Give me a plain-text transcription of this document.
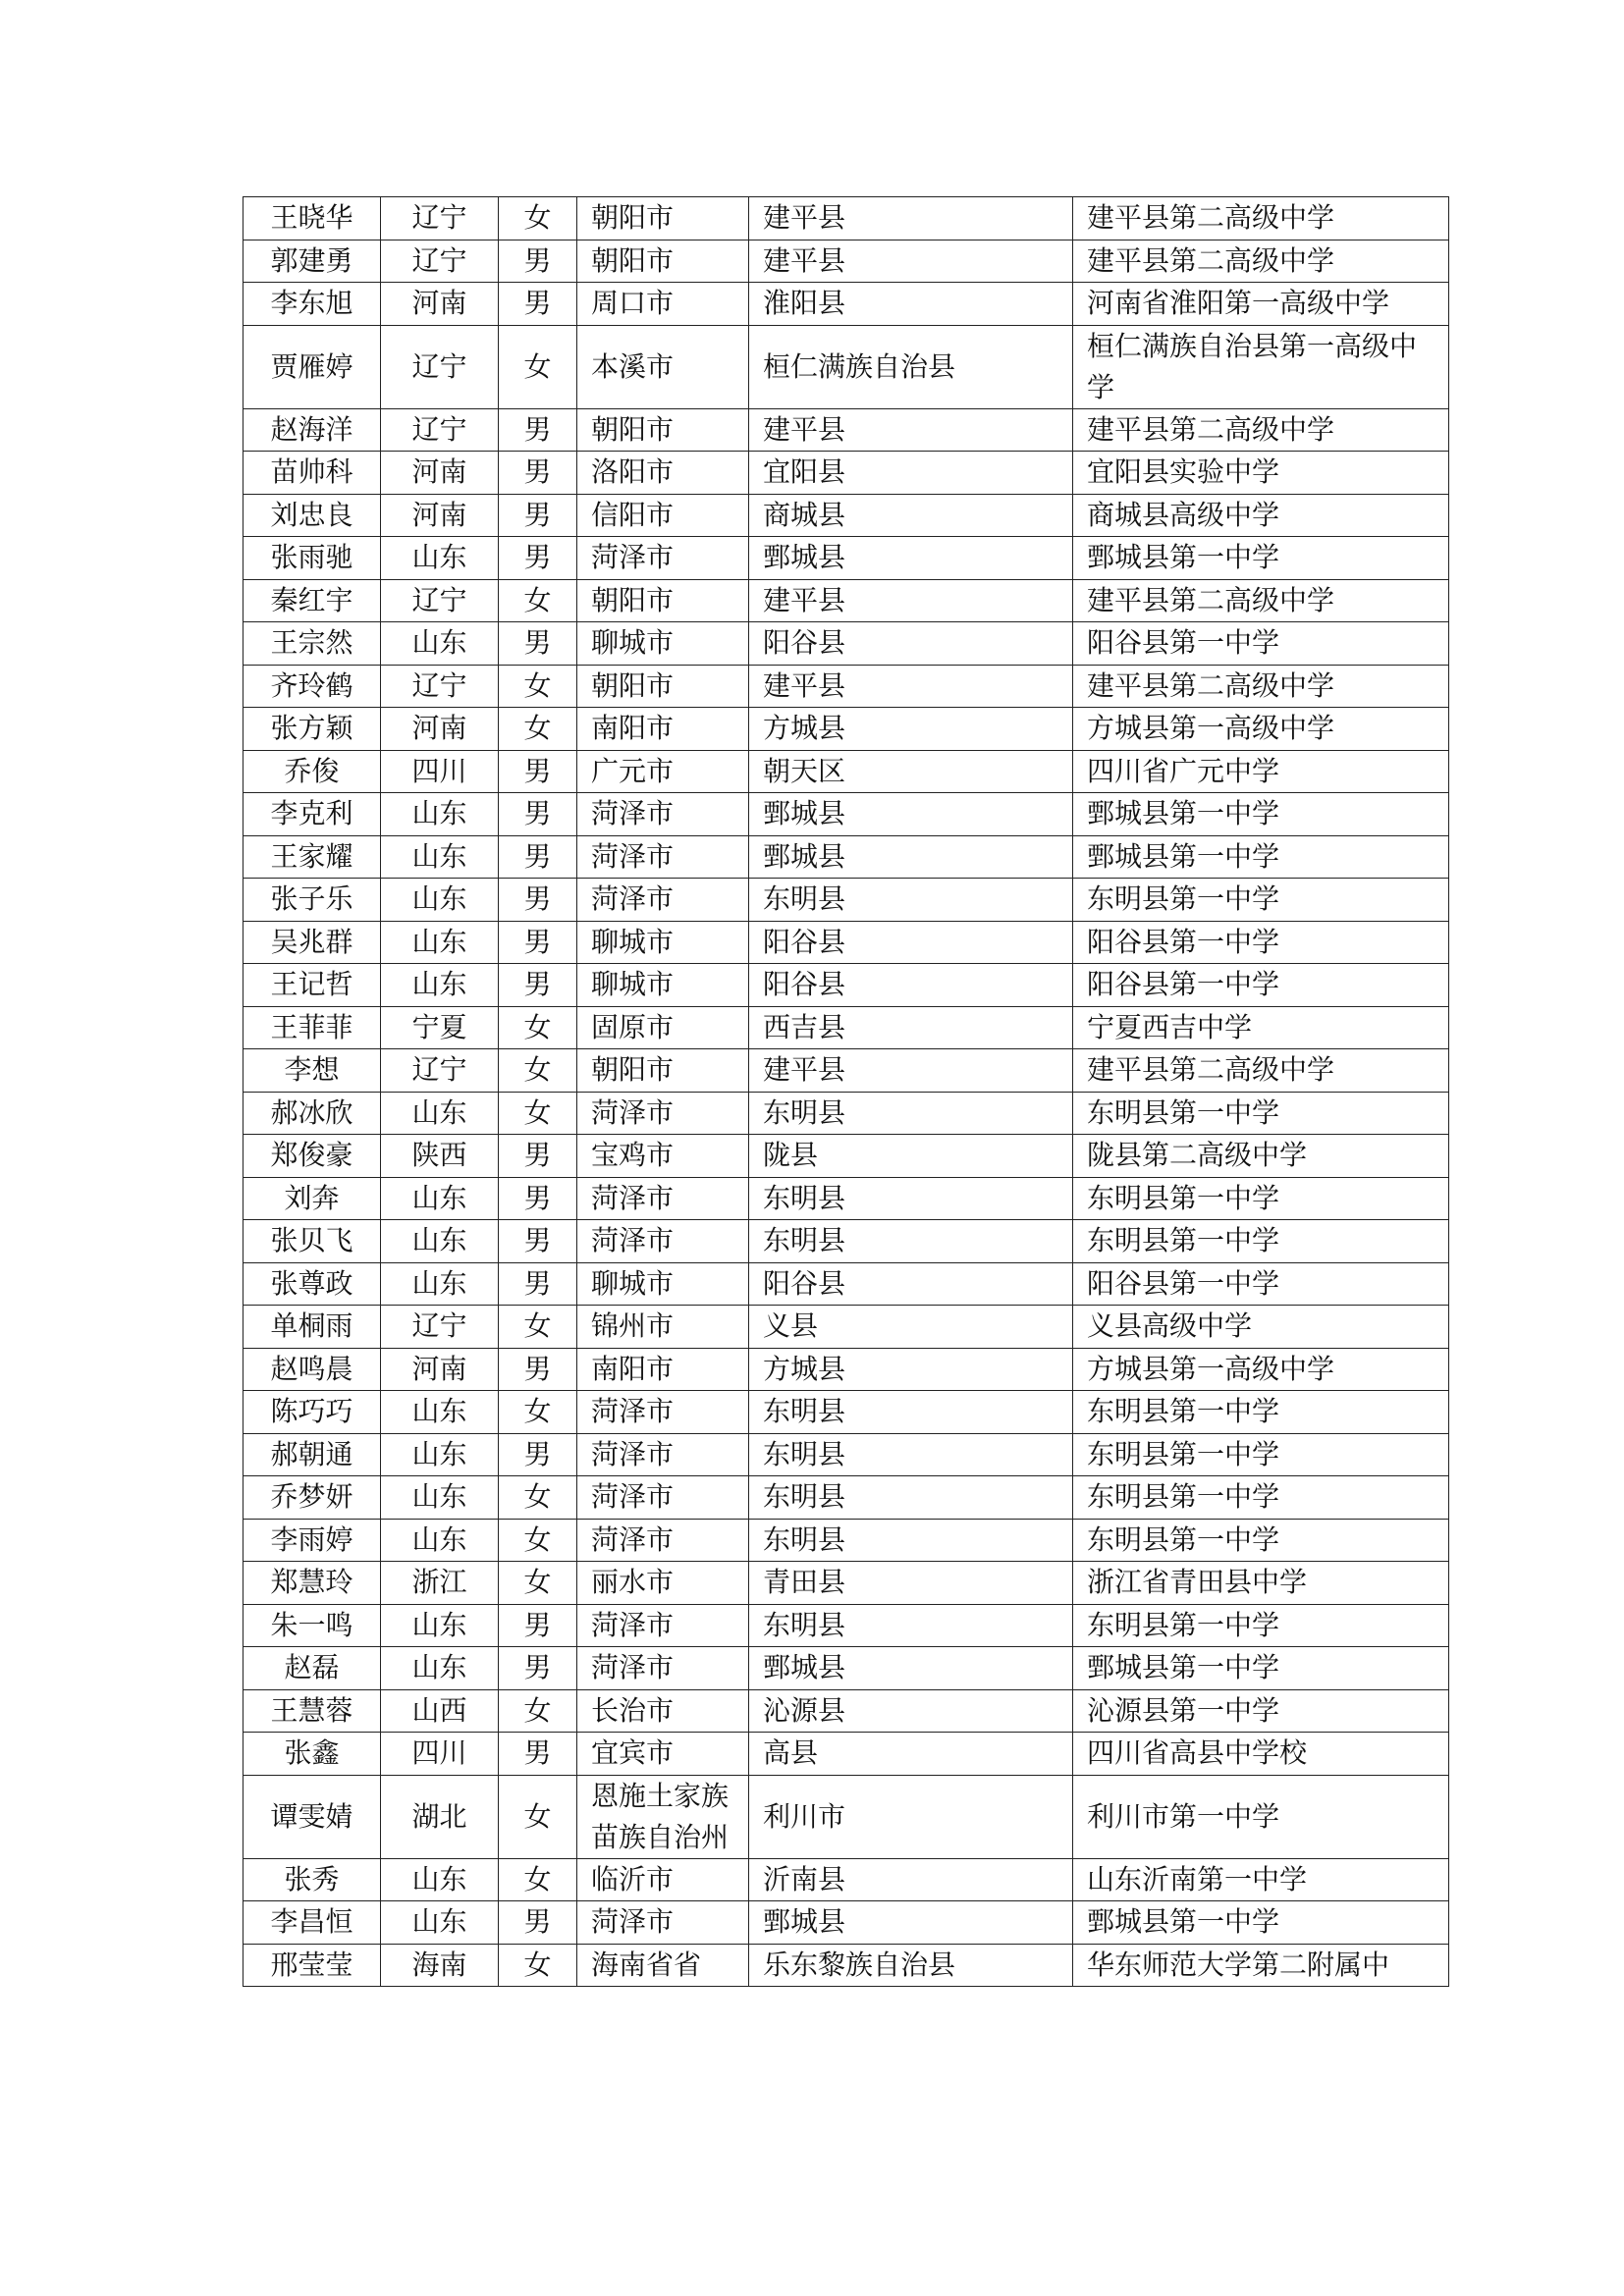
王晓华	辽宁	女	朝阳市	建平县	建平县第二高级中学
郭建勇	辽宁	男	朝阳市	建平县	建平县第二高级中学
李东旭	河南	男	周口市	淮阳县	河南省淮阳第一高级中学
贾雁婷	辽宁	女	本溪市	桓仁满族自治县	桓仁满族自治县第一高级中学
赵海洋	辽宁	男	朝阳市	建平县	建平县第二高级中学
苗帅科	河南	男	洛阳市	宜阳县	宜阳县实验中学
刘忠良	河南	男	信阳市	商城县	商城县高级中学
张雨驰	山东	男	菏泽市	鄄城县	鄄城县第一中学
秦红宇	辽宁	女	朝阳市	建平县	建平县第二高级中学
王宗然	山东	男	聊城市	阳谷县	阳谷县第一中学
齐玲鹤	辽宁	女	朝阳市	建平县	建平县第二高级中学
张方颖	河南	女	南阳市	方城县	方城县第一高级中学
乔俊	四川	男	广元市	朝天区	四川省广元中学
李克利	山东	男	菏泽市	鄄城县	鄄城县第一中学
王家耀	山东	男	菏泽市	鄄城县	鄄城县第一中学
张子乐	山东	男	菏泽市	东明县	东明县第一中学
吴兆群	山东	男	聊城市	阳谷县	阳谷县第一中学
王记哲	山东	男	聊城市	阳谷县	阳谷县第一中学
王菲菲	宁夏	女	固原市	西吉县	宁夏西吉中学
李想	辽宁	女	朝阳市	建平县	建平县第二高级中学
郝冰欣	山东	女	菏泽市	东明县	东明县第一中学
郑俊豪	陕西	男	宝鸡市	陇县	陇县第二高级中学
刘奔	山东	男	菏泽市	东明县	东明县第一中学
张贝飞	山东	男	菏泽市	东明县	东明县第一中学
张尊政	山东	男	聊城市	阳谷县	阳谷县第一中学
单桐雨	辽宁	女	锦州市	义县	义县高级中学
赵鸣晨	河南	男	南阳市	方城县	方城县第一高级中学
陈巧巧	山东	女	菏泽市	东明县	东明县第一中学
郝朝通	山东	男	菏泽市	东明县	东明县第一中学
乔梦妍	山东	女	菏泽市	东明县	东明县第一中学
李雨婷	山东	女	菏泽市	东明县	东明县第一中学
郑慧玲	浙江	女	丽水市	青田县	浙江省青田县中学
朱一鸣	山东	男	菏泽市	东明县	东明县第一中学
赵磊	山东	男	菏泽市	鄄城县	鄄城县第一中学
王慧蓉	山西	女	长治市	沁源县	沁源县第一中学
张鑫	四川	男	宜宾市	高县	四川省高县中学校
谭雯婧	湖北	女	恩施土家族苗族自治州	利川市	利川市第一中学
张秀	山东	女	临沂市	沂南县	山东沂南第一中学
李昌恒	山东	男	菏泽市	鄄城县	鄄城县第一中学
邢莹莹	海南	女	海南省省	乐东黎族自治县	华东师范大学第二附属中
